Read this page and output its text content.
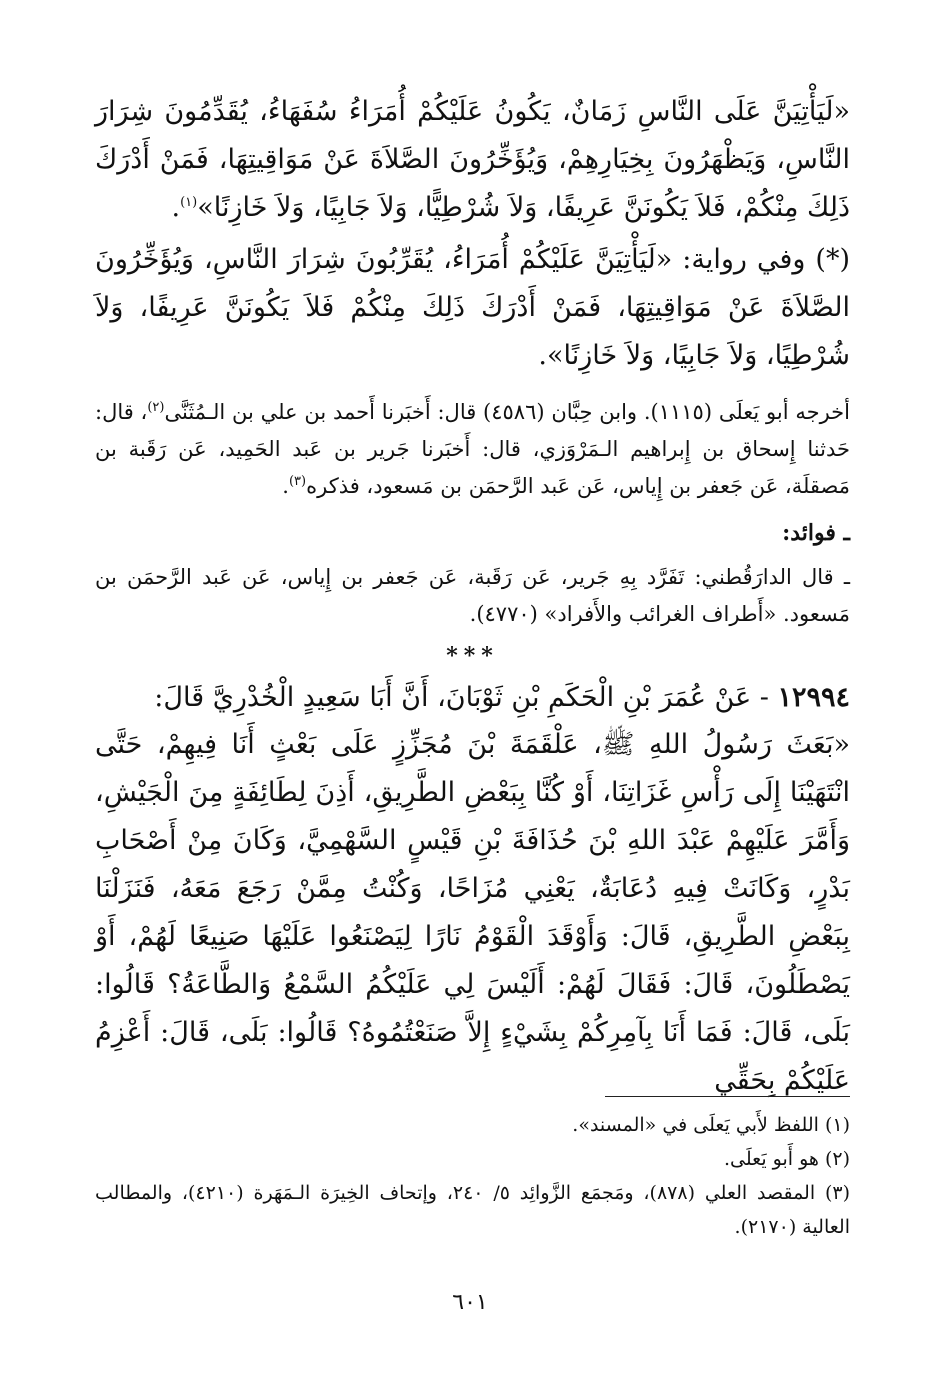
«لَيَأْتِيَنَّ عَلَى النَّاسِ زَمَانٌ، يَكُونُ عَلَيْكُمْ أُمَرَاءُ سُفَهَاءُ، يُقَدِّمُونَ شِرَارَ النَّاسِ، وَيَظْهَرُونَ بِخِيَارِهِمْ، وَيُؤَخِّرُونَ الصَّلاَةَ عَنْ مَوَاقِيتِهَا، فَمَنْ أَدْرَكَ ذَلِكَ مِنْكُمْ، فَلاَ يَكُونَنَّ عَرِيفًا، وَلاَ شُرْطِيًّا، وَلاَ جَابِيًا، وَلاَ خَازِنًا»$^{(١)}$.

(*) وفي رواية: «لَيَأْتِيَنَّ عَلَيْكُمْ أُمَرَاءُ، يُقَرِّبُونَ شِرَارَ النَّاسِ، وَيُؤَخِّرُونَ الصَّلاَةَ عَنْ مَوَاقِيتِهَا، فَمَنْ أَدْرَكَ ذَلِكَ مِنْكُمْ فَلاَ يَكُونَنَّ عَرِيفًا، وَلاَ شُرْطِيًا، وَلاَ جَابِيًا، وَلاَ خَازِنًا».

أخرجه أبو يَعلَى (١١١٥). وابن حِبَّان (٤٥٨٦) قال: أَخبَرنا أَحمد بن علي بن الـمُثَنَّى$^{(٢)}$، قال: حَدثنا إِسحاق بن إِبراهيم الـمَرْوَزي، قال: أَخبَرنا جَرير بن عَبد الحَمِيد، عَن رَقَبة بن مَصقلَة، عَن جَعفر بن إِياس، عَن عَبد الرَّحمَن بن مَسعود، فذكره$^{(٣)}$.

ـ فوائد:

ـ قال الدارَقُطني: تَفَرَّد بِهِ جَرير، عَن رَقَبة، عَن جَعفر بن إِياس، عَن عَبد الرَّحمَن بن مَسعود. «أَطراف الغرائب والأَفراد» (٤٧٧٠).

***

١٢٩٩٤ - عَنْ عُمَرَ بْنِ الْحَكَمِ بْنِ ثَوْبَانَ، أَنَّ أَبَا سَعِيدٍ الْخُدْرِيَّ قَالَ:

«بَعَثَ رَسُولُ اللهِ ﷺ، عَلْقَمَةَ بْنَ مُجَزِّزٍ عَلَى بَعْثٍ أَنَا فِيهِمْ، حَتَّى انْتَهَيْنَا إِلَى رَأْسِ غَزَاتِنَا، أَوْ كُنَّا بِبَعْضِ الطَّرِيقِ، أَذِنَ لِطَائِفَةٍ مِنَ الْجَيْشِ، وَأَمَّرَ عَلَيْهِمْ عَبْدَ اللهِ بْنَ حُذَافَةَ بْنِ قَيْسٍ السَّهْمِيَّ، وَكَانَ مِنْ أَصْحَابِ بَدْرٍ، وَكَانَتْ فِيهِ دُعَابَةٌ، يَعْنِي مُزَاحًا، وَكُنْتُ مِمَّنْ رَجَعَ مَعَهُ، فَنَزَلْنَا بِبَعْضِ الطَّرِيقِ، قَالَ: وَأَوْقَدَ الْقَوْمُ نَارًا لِيَصْنَعُوا عَلَيْهَا صَنِيعًا لَهُمْ، أَوْ يَصْطَلُونَ، قَالَ: فَقَالَ لَهُمْ: أَلَيْسَ لِي عَلَيْكُمُ السَّمْعُ وَالطَّاعَةُ؟ قَالُوا: بَلَى، قَالَ: فَمَا أَنَا بِآمِرِكُمْ بِشَيْءٍ إِلاَّ صَنَعْتُمُوهُ؟ قَالُوا: بَلَى، قَالَ: أَعْزِمُ عَلَيْكُمْ بِحَقِّي

(١) اللفظ لأَبي يَعلَى في «المسند».

(٢) هو أَبو يَعلَى.

(٣) المقصد العلي (٨٧٨)، ومَجمَع الزَّوائِد ٥/ ٢٤٠، وإتحاف الخِيرَة الـمَهَرة (٤٢١٠)، والمطالب العالية (٢١٧٠).

٦٠١
